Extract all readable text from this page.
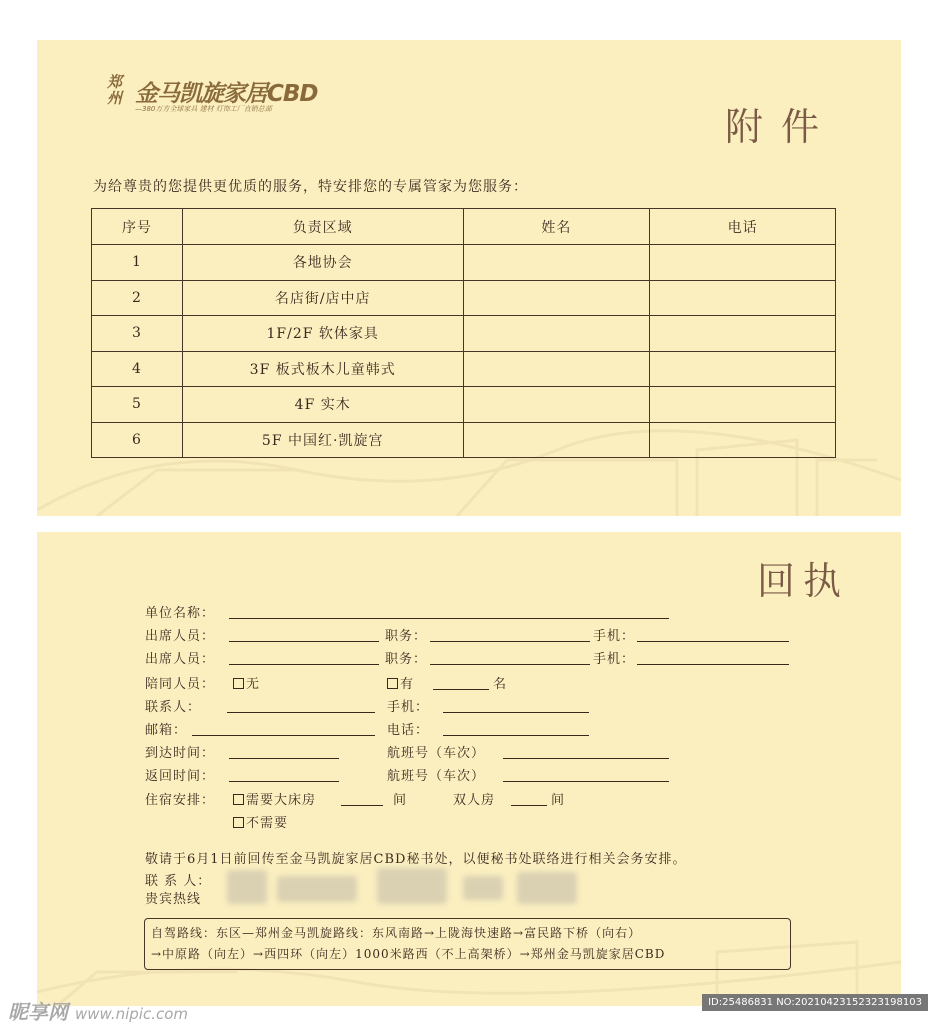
郑州 金马凯旋家居CBD
—380万方全球家具 建材 灯饰工厂直销总部	附件
为给尊贵的您提供更优质的服务，特安排您的专属管家为您服务：
序号	负责区域	姓名	电话
1	各地协会		
2	名店街/店中店		
3	1F/2F 软体家具		
4	3F 板式板木儿童韩式		
5	4F 实木		
6	5F 中国红·凯旋宫		
回执
单位名称：
出席人员：	职务：	手机：
出席人员：	职务：	手机：
陪同人员：	无	有	名
联系人：	手机：
邮箱：	电话：
到达时间：	航班号（车次）
返回时间：	航班号（车次）
住宿安排：	需要大床房	间	双人房	间
不需要
敬请于6月1日前回传至金马凯旋家居CBD秘书处，以便秘书处联络进行相关会务安排。
联 系 人：
贵宾热线
自驾路线：东区—郑州金马凯旋路线：东风南路→上陇海快速路→富民路下桥（向右）
→中原路（向左）→西四环（向左）1000米路西（不上高架桥）→郑州金马凯旋家居CBD
昵享网 www.nipic.com
ID:25486831 NO:20210423152323198103
